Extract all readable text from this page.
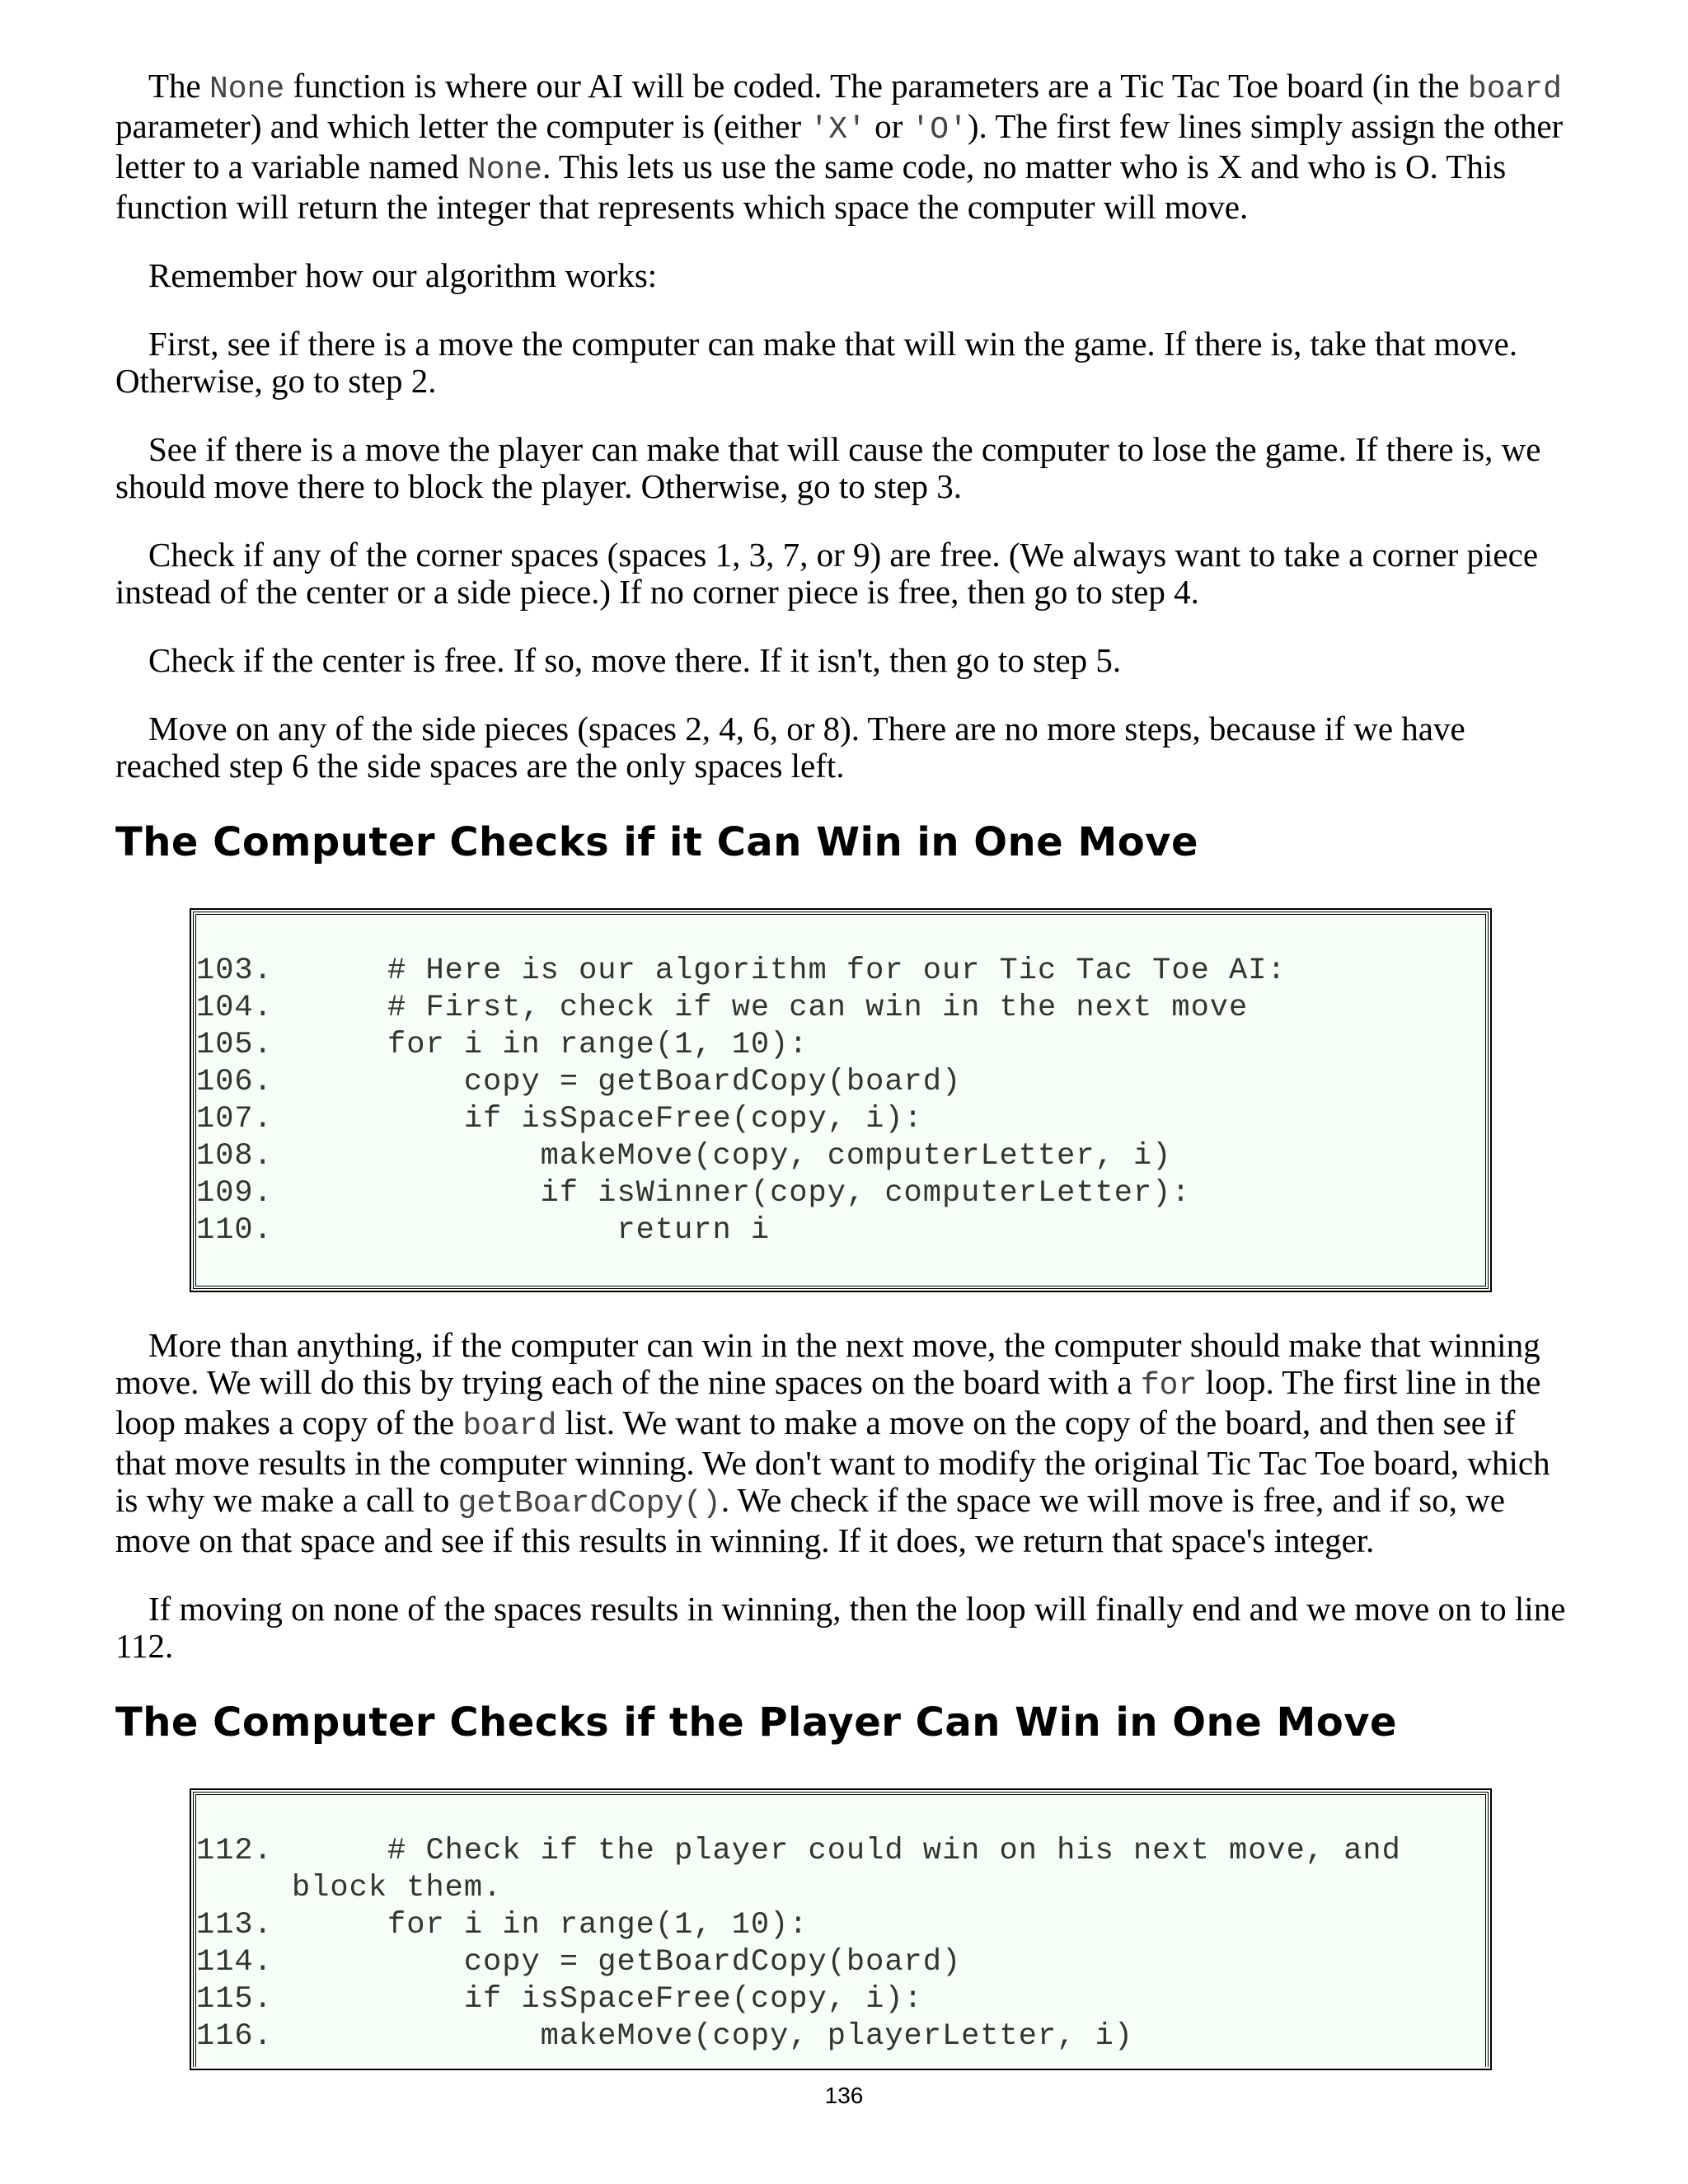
The None function is where our AI will be coded. The parameters are a Tic Tac Toe board (in the board parameter) and which letter the computer is (either 'X' or 'O'). The first few lines simply assign the other letter to a variable named None. This lets us use the same code, no matter who is X and who is O. This function will return the integer that represents which space the computer will move.

Remember how our algorithm works:

First, see if there is a move the computer can make that will win the game. If there is, take that move. Otherwise, go to step 2.

See if there is a move the player can make that will cause the computer to lose the game. If there is, we should move there to block the player. Otherwise, go to step 3.

Check if any of the corner spaces (spaces 1, 3, 7, or 9) are free. (We always want to take a corner piece instead of the center or a side piece.) If no corner piece is free, then go to step 4.

Check if the center is free. If so, move there. If it isn't, then go to step 5.

Move on any of the side pieces (spaces 2, 4, 6, or 8). There are no more steps, because if we have reached step 6 the side spaces are the only spaces left.

The Computer Checks if it Can Win in One Move
103.      # Here is our algorithm for our Tic Tac Toe AI:
104.      # First, check if we can win in the next move
105.      for i in range(1, 10):
106.          copy = getBoardCopy(board)
107.          if isSpaceFree(copy, i):
108.              makeMove(copy, computerLetter, i)
109.              if isWinner(copy, computerLetter):
110.                  return i

More than anything, if the computer can win in the next move, the computer should make that winning move. We will do this by trying each of the nine spaces on the board with a for loop. The first line in the loop makes a copy of the board list. We want to make a move on the copy of the board, and then see if that move results in the computer winning. We don't want to modify the original Tic Tac Toe board, which is why we make a call to getBoardCopy(). We check if the space we will move is free, and if so, we move on that space and see if this results in winning. If it does, we return that space's integer.

If moving on none of the spaces results in winning, then the loop will finally end and we move on to line 112.

The Computer Checks if the Player Can Win in One Move
112.      # Check if the player could win on his next move, and
block them.
113.      for i in range(1, 10):
114.          copy = getBoardCopy(board)
115.          if isSpaceFree(copy, i):
116.              makeMove(copy, playerLetter, i)
136
